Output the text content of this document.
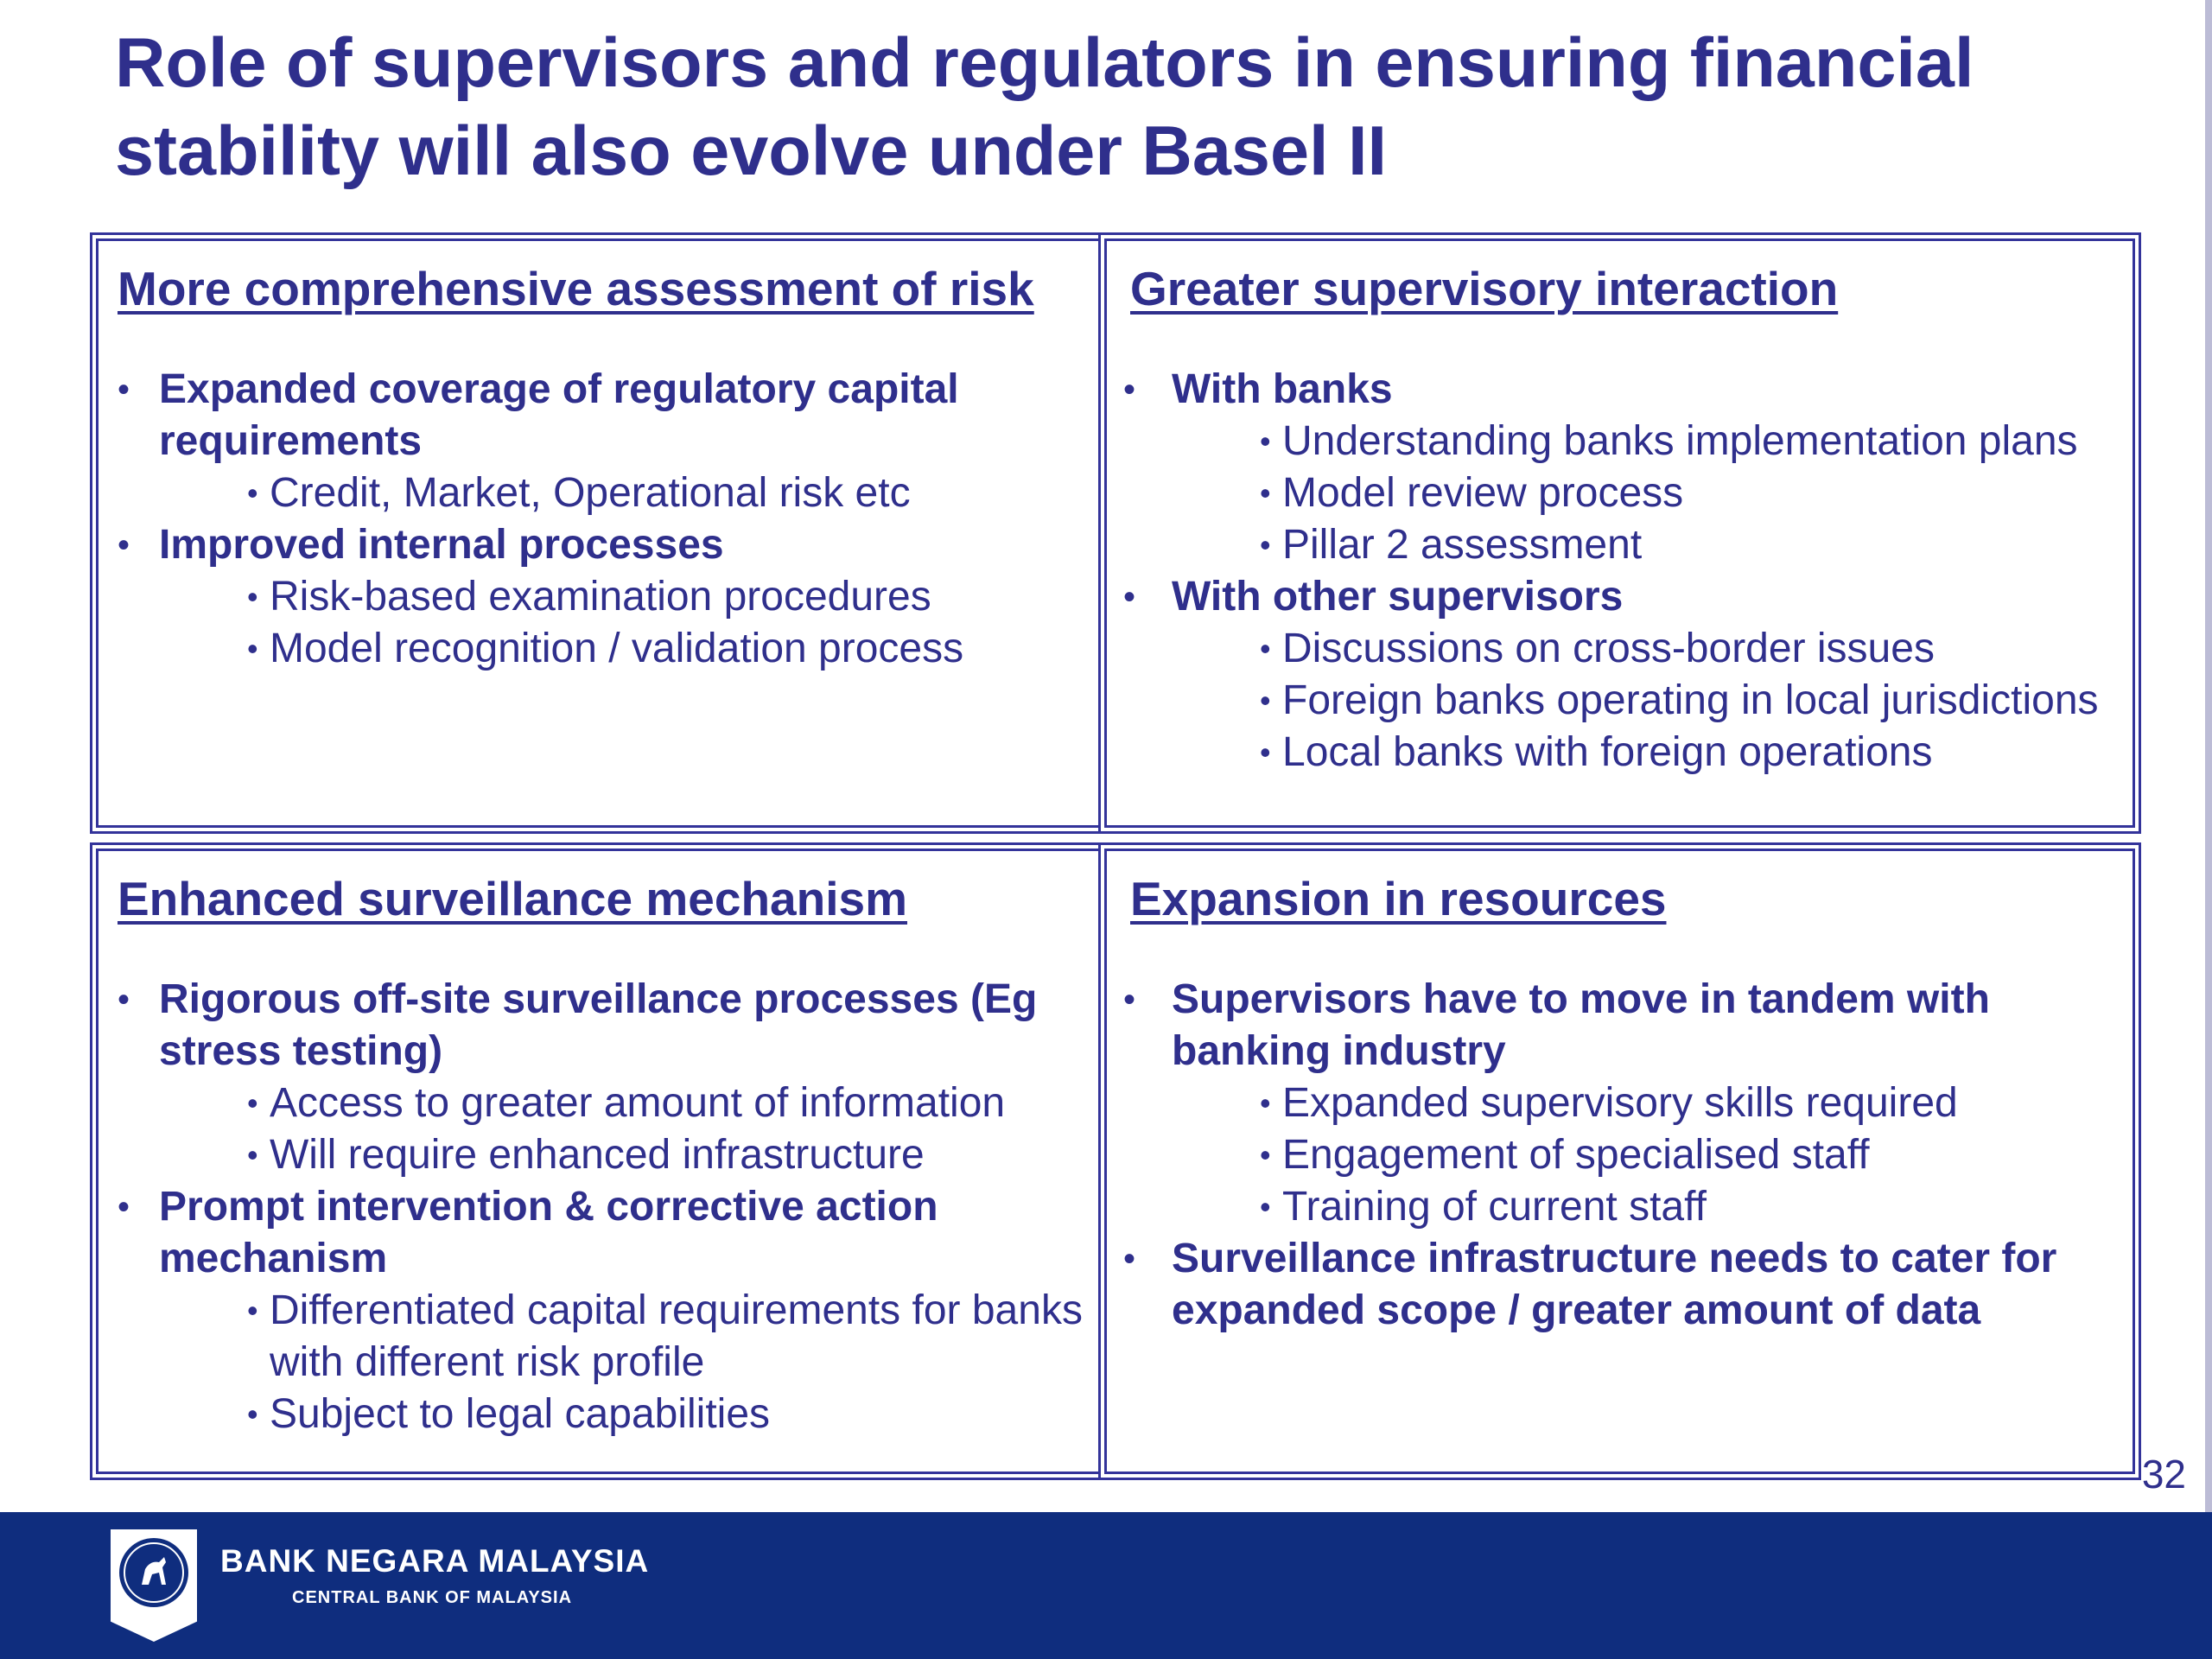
Role of supervisors and regulators in ensuring financial stability will also evolve under Basel II
More comprehensive assessment of risk
• Expanded coverage of regulatory capital requirements
• Credit, Market, Operational risk etc
• Improved internal processes
• Risk-based examination procedures
• Model recognition / validation process
Greater supervisory interaction
• With banks
• Understanding banks implementation plans
• Model review process
• Pillar 2 assessment
• With other supervisors
• Discussions on cross-border issues
• Foreign banks operating in local jurisdictions
• Local banks with foreign operations
Enhanced surveillance mechanism
• Rigorous off-site surveillance processes (Eg stress testing)
• Access to greater amount of information
• Will require enhanced infrastructure
• Prompt intervention & corrective action mechanism
• Differentiated capital requirements for banks with different risk profile
• Subject to legal capabilities
Expansion in resources
• Supervisors have to move in tandem with banking industry
• Expanded supervisory skills required
• Engagement of specialised staff
• Training of current staff
• Surveillance infrastructure needs to cater for expanded scope / greater amount of data
32
BANK NEGARA MALAYSIA
CENTRAL BANK OF MALAYSIA
